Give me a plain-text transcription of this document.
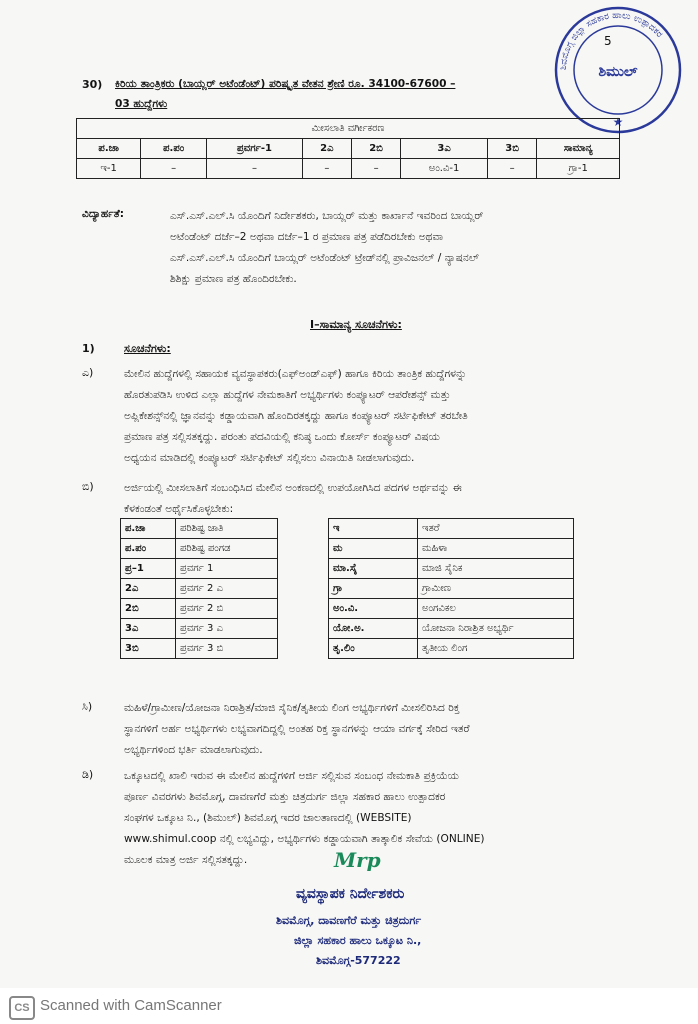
5
ಶಿವಮೊಗ್ಗ ಜಿಲ್ಲಾ ಸಹಕಾರ ಹಾಲು ಉತ್ಪಾದಕರ
ಶಿಮುಲ್
★
30) ಕಿರಿಯ ತಾಂತ್ರಿಕರು (ಬಾಯ್ಲರ್ ಅಟೆಂಡೆಂಟ್) ಪರಿಷ್ಕೃತ ವೇತನ ಶ್ರೇಣಿ ರೂ. 34100-67600 –
03 ಹುದ್ದೆಗಳು
ಮೀಸಲಾತಿ ವರ್ಗೀಕರಣ							
ಪ.ಜಾ	ಪ.ಪಂ	ಪ್ರವರ್ಗ-1	2ಎ	2ಬಿ	3ಎ	3ಬಿ	ಸಾಮಾನ್ಯ
ಇ-1	–	–	–	–	ಅಂ.ವಿ-1	–	ಗ್ರಾ-1
ವಿದ್ಯಾರ್ಹತೆ:	ಎಸ್.ಎಸ್.ಎಲ್.ಸಿ ಯೊಂದಿಗೆ ನಿರ್ದೇಶಕರು, ಬಾಯ್ಲರ್ ಮತ್ತು ಕಾರ್ಖಾನೆ ಇವರಿಂದ ಬಾಯ್ಲರ್
ಅಟೆಂಡೆಂಟ್ ದರ್ಜೆ–2 ಅಥವಾ ದರ್ಜೆ–1 ರ ಪ್ರಮಾಣ ಪತ್ರ ಪಡೆದಿರಬೇಕು ಅಥವಾ
ಎಸ್.ಎಸ್.ಎಲ್.ಸಿ ಯೊಂದಿಗೆ ಬಾಯ್ಲರ್ ಅಟೆಂಡೆಂಟ್ ಟ್ರೇಡ್‌ನಲ್ಲಿ ಪ್ರಾವಿಜನಲ್ / ನ್ಯಾಷನಲ್
ಶಿಶಿಕ್ಷು ಪ್ರಮಾಣ ಪತ್ರ ಹೊಂದಿರಬೇಕು.
I–ಸಾಮಾನ್ಯ ಸೂಚನೆಗಳು:
1)	ಸೂಚನೆಗಳು:
ಎ)	ಮೇಲಿನ ಹುದ್ದೆಗಳಲ್ಲಿ ಸಹಾಯಕ ವ್ಯವಸ್ಥಾಪಕರು(ಎಫ್‌ಅಂಡ್‌ಎಫ್) ಹಾಗೂ ಕಿರಿಯ ತಾಂತ್ರಿಕ ಹುದ್ದೆಗಳನ್ನು
ಹೊರತುಪಡಿಸಿ ಉಳಿದ ಎಲ್ಲಾ ಹುದ್ದೆಗಳ ನೇಮಕಾತಿಗೆ ಅಭ್ಯರ್ಥಿಗಳು ಕಂಪ್ಯೂಟರ್ ಆಪರೇಶನ್ಸ್ ಮತ್ತು
ಅಪ್ಲಿಕೇಶನ್ಸ್‌ನಲ್ಲಿ ಜ್ಞಾನವನ್ನು ಕಡ್ಡಾಯವಾಗಿ ಹೊಂದಿರತಕ್ಕದ್ದು ಹಾಗೂ ಕಂಪ್ಯೂಟರ್ ಸರ್ಟಿಫಿಕೇಟ್ ತರಬೇತಿ
ಪ್ರಮಾಣ ಪತ್ರ ಸಲ್ಲಿಸತಕ್ಕದ್ದು. ಪರಂತು ಪದವಿಯಲ್ಲಿ ಕನಿಷ್ಠ ಒಂದು ಕೋರ್ಸ್ ಕಂಪ್ಯೂಟರ್ ವಿಷಯ
ಅಧ್ಯಯನ ಮಾಡಿದಲ್ಲಿ ಕಂಪ್ಯೂಟರ್ ಸರ್ಟಿಫಿಕೇಟ್ ಸಲ್ಲಿಸಲು ವಿನಾಯಿತಿ ನೀಡಲಾಗುವುದು.
ಬಿ)	ಅರ್ಜಿಯಲ್ಲಿ ಮೀಸಲಾತಿಗೆ ಸಂಬಂಧಿಸಿದ ಮೇಲಿನ ಅಂಕಣದಲ್ಲಿ ಉಪಯೋಗಿಸಿದ ಪದಗಳ ಅರ್ಥವನ್ನು ಈ
ಕೆಳಕಂಡಂತೆ ಅರ್ಥೈಸಿಕೊಳ್ಳಬೇಕು:
ಪ.ಜಾ	ಪರಿಶಿಷ್ಟ ಜಾತಿ
ಪ.ಪಂ	ಪರಿಶಿಷ್ಟ ಪಂಗಡ
ಪ್ರ–1	ಪ್ರವರ್ಗ 1
2ಎ	ಪ್ರವರ್ಗ 2 ಎ
2ಬಿ	ಪ್ರವರ್ಗ 2 ಬಿ
3ಎ	ಪ್ರವರ್ಗ 3 ಎ
3ಬಿ	ಪ್ರವರ್ಗ 3 ಬಿ
ಇ	ಇತರೆ
ಮ	ಮಹಿಳಾ
ಮಾ.ಸೈ	ಮಾಜಿ ಸೈನಿಕ
ಗ್ರಾ	ಗ್ರಾಮೀಣ
ಅಂ.ವಿ.	ಅಂಗವಿಕಲ
ಯೋ.ಅ.	ಯೋಜನಾ ನಿರಾಶ್ರಿತ ಅಭ್ಯರ್ಥಿ
ತೃ.ಲಿಂ	ತೃತೀಯ ಲಿಂಗ
ಸಿ)	ಮಹಿಳೆ/ಗ್ರಾಮೀಣ/ಯೋಜನಾ ನಿರಾಶ್ರಿತ/ಮಾಜಿ ಸೈನಿಕ/ತೃತೀಯ ಲಿಂಗ ಅಭ್ಯರ್ಥಿಗಳಿಗೆ ಮೀಸಲಿರಿಸಿದ ರಿಕ್ತ
ಸ್ಥಾನಗಳಿಗೆ ಅರ್ಹ ಅಭ್ಯರ್ಥಿಗಳು ಲಭ್ಯವಾಗದಿದ್ದಲ್ಲಿ ಅಂತಹ ರಿಕ್ತ ಸ್ಥಾನಗಳನ್ನು ಆಯಾ ವರ್ಗಕ್ಕೆ ಸೇರಿದ ಇತರೆ
ಅಭ್ಯರ್ಥಿಗಳಿಂದ ಭರ್ತಿ ಮಾಡಲಾಗುವುದು.
ಡಿ)	ಒಕ್ಕೂಟದಲ್ಲಿ ಖಾಲಿ ಇರುವ ಈ ಮೇಲಿನ ಹುದ್ದೆಗಳಿಗೆ ಅರ್ಜಿ ಸಲ್ಲಿಸುವ ಸಂಬಂಧ ನೇಮಕಾತಿ ಪ್ರಕ್ರಿಯೆಯ
ಪೂರ್ಣ ವಿವರಗಳು ಶಿವಮೊಗ್ಗ, ದಾವಣಗೆರೆ ಮತ್ತು ಚಿತ್ರದುರ್ಗ ಜಿಲ್ಲಾ ಸಹಕಾರ ಹಾಲು ಉತ್ಪಾದಕರ
ಸಂಘಗಳ ಒಕ್ಕೂಟ ನಿ., (ಶಿಮುಲ್) ಶಿವಮೊಗ್ಗ ಇದರ ಜಾಲತಾಣದಲ್ಲಿ (WEBSITE)
www.shimul.coop ನಲ್ಲಿ ಲಭ್ಯವಿದ್ದು, ಅಭ್ಯರ್ಥಿಗಳು ಕಡ್ಡಾಯವಾಗಿ ತಾತ್ಕಾಲಿಕ ಸೇವೆಯ (ONLINE)
ಮೂಲಕ ಮಾತ್ರ ಅರ್ಜಿ ಸಲ್ಲಿಸತಕ್ಕದ್ದು.	Mrp
ವ್ಯವಸ್ಥಾಪಕ ನಿರ್ದೇಶಕರು
ಶಿವಮೊಗ್ಗ, ದಾವಣಗೆರೆ ಮತ್ತು ಚಿತ್ರದುರ್ಗ
ಜಿಲ್ಲಾ ಸಹಕಾರ ಹಾಲು ಒಕ್ಕೂಟ ನಿ.,
ಶಿವಮೊಗ್ಗ-577222
CS Scanned with CamScanner
